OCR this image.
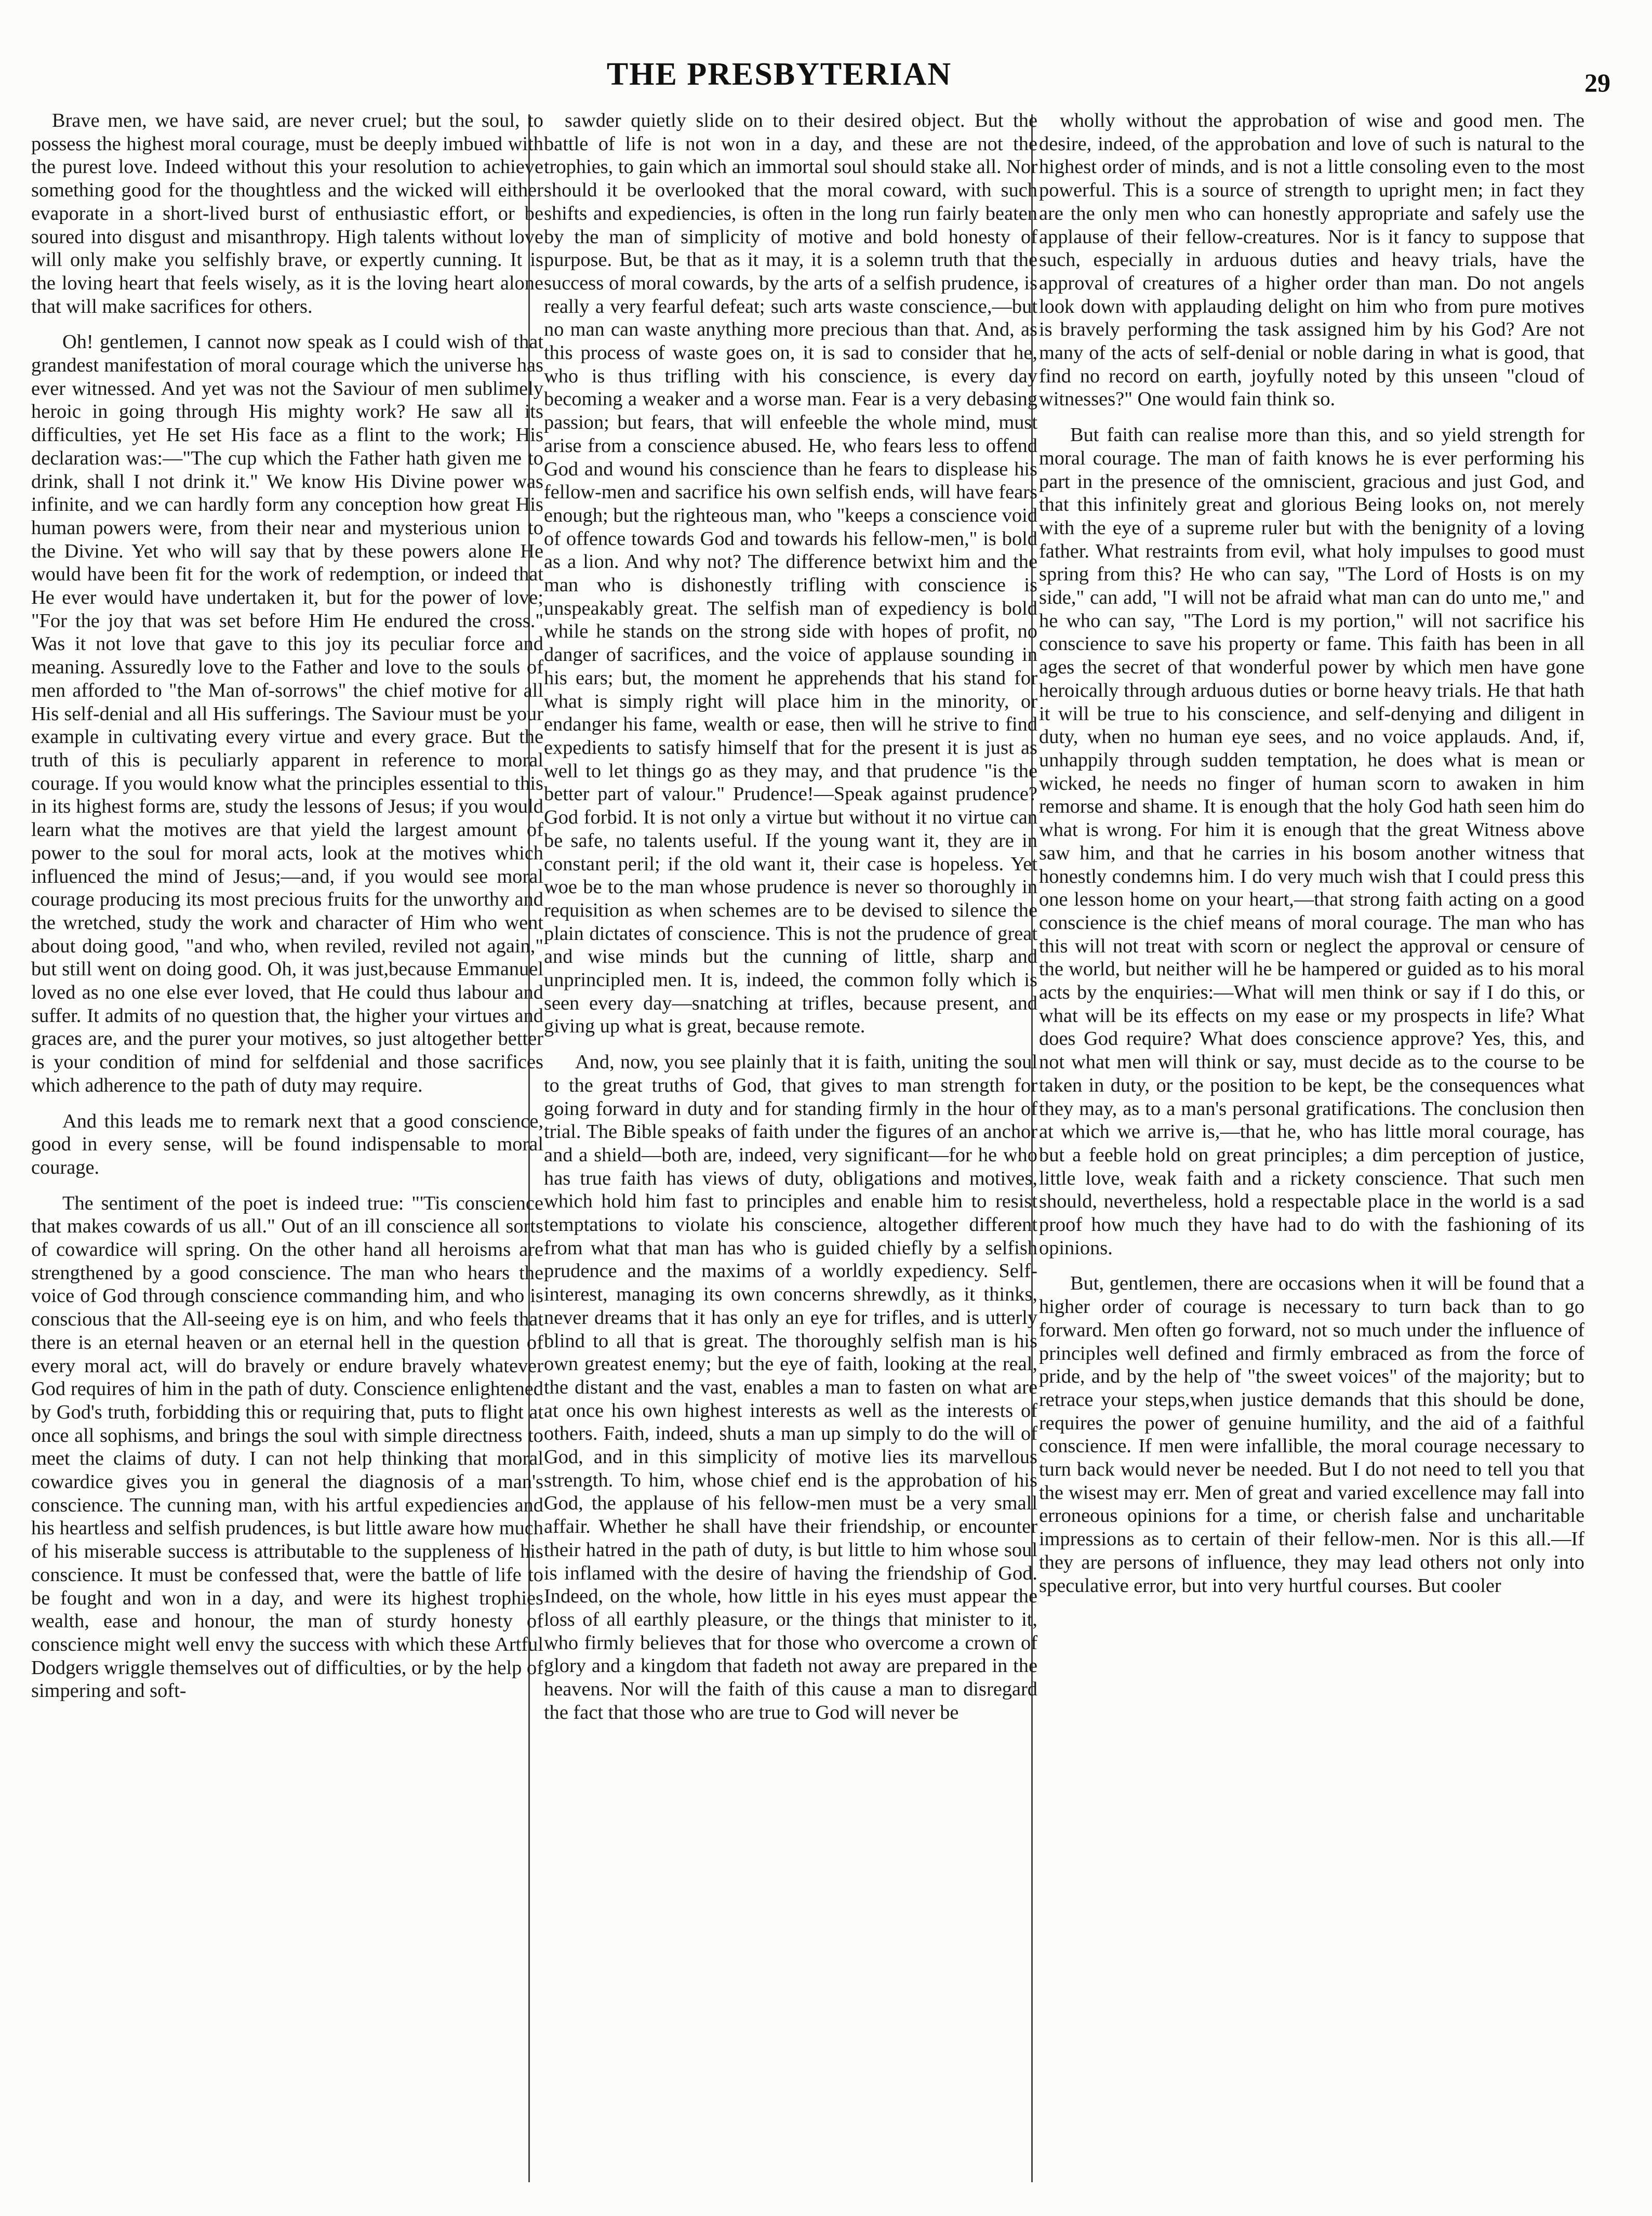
THE PRESBYTERIAN	29

Brave men, we have said, are never cruel; but the soul, to possess the highest moral courage, must be deeply imbued with the purest love. Indeed without this your resolution to achieve something good for the thoughtless and the wicked will either evaporate in a short-lived burst of enthusiastic effort, or be soured into disgust and misanthropy. High talents without love will only make you selfishly brave, or expertly cunning. It is the loving heart that feels wisely, as it is the loving heart alone that will make sacrifices for others.

Oh! gentlemen, I cannot now speak as I could wish of that grandest manifestation of moral courage which the universe has ever witnessed. And yet was not the Saviour of men sublimely heroic in going through His mighty work? He saw all its difficulties, yet He set His face as a flint to the work; His declaration was:—"The cup which the Father hath given me to drink, shall I not drink it." We know His Divine power was infinite, and we can hardly form any conception how great His human powers were, from their near and mysterious union to the Divine. Yet who will say that by these powers alone He would have been fit for the work of redemption, or indeed that He ever would have undertaken it, but for the power of love; "For the joy that was set before Him He endured the cross." Was it not love that gave to this joy its peculiar force and meaning. Assuredly love to the Father and love to the souls of men afforded to "the Man of-sorrows" the chief motive for all His self-denial and all His sufferings. The Saviour must be your example in cultivating every virtue and every grace. But the truth of this is peculiarly apparent in reference to moral courage. If you would know what the principles essential to this in its highest forms are, study the lessons of Jesus; if you would learn what the motives are that yield the largest amount of power to the soul for moral acts, look at the motives which influenced the mind of Jesus;—and, if you would see moral courage producing its most precious fruits for the unworthy and the wretched, study the work and character of Him who went about doing good, "and who, when reviled, reviled not again," but still went on doing good. Oh, it was just,because Emmanuel loved as no one else ever loved, that He could thus labour and suffer. It admits of no question that, the higher your virtues and graces are, and the purer your motives, so just altogether better is your condition of mind for selfdenial and those sacrifices which adherence to the path of duty may require.

And this leads me to remark next that a good conscience, good in every sense, will be found indispensable to moral courage.

The sentiment of the poet is indeed true: "'Tis conscience that makes cowards of us all." Out of an ill conscience all sorts of cowardice will spring. On the other hand all heroisms are strengthened by a good conscience. The man who hears the voice of God through conscience commanding him, and who is conscious that the All-seeing eye is on him, and who feels that there is an eternal heaven or an eternal hell in the question of every moral act, will do bravely or endure bravely whatever God requires of him in the path of duty. Conscience enlightened by God's truth, forbidding this or requiring that, puts to flight at once all sophisms, and brings the soul with simple directness to meet the claims of duty. I can not help thinking that moral cowardice gives you in general the diagnosis of a man's conscience. The cunning man, with his artful expediencies and his heartless and selfish prudences, is but little aware how much of his miserable success is attributable to the suppleness of his conscience. It must be confessed that, were the battle of life to be fought and won in a day, and were its highest trophies wealth, ease and honour, the man of sturdy honesty of conscience might well envy the success with which these Artful Dodgers wriggle themselves out of difficulties, or by the help of simpering and soft-

sawder quietly slide on to their desired object. But the battle of life is not won in a day, and these are not the trophies, to gain which an immortal soul should stake all. Nor should it be overlooked that the moral coward, with such shifts and expediencies, is often in the long run fairly beaten by the man of simplicity of motive and bold honesty of purpose. But, be that as it may, it is a solemn truth that the success of moral cowards, by the arts of a selfish prudence, is really a very fearful defeat; such arts waste conscience,—but no man can waste anything more precious than that. And, as this process of waste goes on, it is sad to consider that he, who is thus trifling with his conscience, is every day becoming a weaker and a worse man. Fear is a very debasing passion; but fears, that will enfeeble the whole mind, must arise from a conscience abused. He, who fears less to offend God and wound his conscience than he fears to displease his fellow-men and sacrifice his own selfish ends, will have fears enough; but the righteous man, who "keeps a conscience void of offence towards God and towards his fellow-men," is bold as a lion. And why not? The difference betwixt him and the man who is dishonestly trifling with conscience is unspeakably great. The selfish man of expediency is bold while he stands on the strong side with hopes of profit, no danger of sacrifices, and the voice of applause sounding in his ears; but, the moment he apprehends that his stand for what is simply right will place him in the minority, or endanger his fame, wealth or ease, then will he strive to find expedients to satisfy himself that for the present it is just as well to let things go as they may, and that prudence "is the better part of valour." Prudence!—Speak against prudence? God forbid. It is not only a virtue but without it no virtue can be safe, no talents useful. If the young want it, they are in constant peril; if the old want it, their case is hopeless. Yet woe be to the man whose prudence is never so thoroughly in requisition as when schemes are to be devised to silence the plain dictates of conscience. This is not the prudence of great and wise minds but the cunning of little, sharp and unprincipled men. It is, indeed, the common folly which is seen every day—snatching at trifles, because present, and giving up what is great, because remote.

And, now, you see plainly that it is faith, uniting the soul to the great truths of God, that gives to man strength for going forward in duty and for standing firmly in the hour of trial. The Bible speaks of faith under the figures of an anchor and a shield—both are, indeed, very significant—for he who has true faith has views of duty, obligations and motives, which hold him fast to principles and enable him to resist temptations to violate his conscience, altogether different from what that man has who is guided chiefly by a selfish prudence and the maxims of a worldly expediency. Self-interest, managing its own concerns shrewdly, as it thinks, never dreams that it has only an eye for trifles, and is utterly blind to all that is great. The thoroughly selfish man is his own greatest enemy; but the eye of faith, looking at the real, the distant and the vast, enables a man to fasten on what are at once his own highest interests as well as the interests of others. Faith, indeed, shuts a man up simply to do the will of God, and in this simplicity of motive lies its marvellous strength. To him, whose chief end is the approbation of his God, the applause of his fellow-men must be a very small affair. Whether he shall have their friendship, or encounter their hatred in the path of duty, is but little to him whose soul is inflamed with the desire of having the friendship of God. Indeed, on the whole, how little in his eyes must appear the loss of all earthly pleasure, or the things that minister to it, who firmly believes that for those who overcome a crown of glory and a kingdom that fadeth not away are prepared in the heavens. Nor will the faith of this cause a man to disregard the fact that those who are true to God will never be

wholly without the approbation of wise and good men. The desire, indeed, of the approbation and love of such is natural to the highest order of minds, and is not a little consoling even to the most powerful. This is a source of strength to upright men; in fact they are the only men who can honestly appropriate and safely use the applause of their fellow-creatures. Nor is it fancy to suppose that such, especially in arduous duties and heavy trials, have the approval of creatures of a higher order than man. Do not angels look down with applauding delight on him who from pure motives is bravely performing the task assigned him by his God? Are not many of the acts of self-denial or noble daring in what is good, that find no record on earth, joyfully noted by this unseen "cloud of witnesses?" One would fain think so.

But faith can realise more than this, and so yield strength for moral courage. The man of faith knows he is ever performing his part in the presence of the omniscient, gracious and just God, and that this infinitely great and glorious Being looks on, not merely with the eye of a supreme ruler but with the benignity of a loving father. What restraints from evil, what holy impulses to good must spring from this? He who can say, "The Lord of Hosts is on my side," can add, "I will not be afraid what man can do unto me," and he who can say, "The Lord is my portion," will not sacrifice his conscience to save his property or fame. This faith has been in all ages the secret of that wonderful power by which men have gone heroically through arduous duties or borne heavy trials. He that hath it will be true to his conscience, and self-denying and diligent in duty, when no human eye sees, and no voice applauds. And, if, unhappily through sudden temptation, he does what is mean or wicked, he needs no finger of human scorn to awaken in him remorse and shame. It is enough that the holy God hath seen him do what is wrong. For him it is enough that the great Witness above saw him, and that he carries in his bosom another witness that honestly condemns him. I do very much wish that I could press this one lesson home on your heart,—that strong faith acting on a good conscience is the chief means of moral courage. The man who has this will not treat with scorn or neglect the approval or censure of the world, but neither will he be hampered or guided as to his moral acts by the enquiries:—What will men think or say if I do this, or what will be its effects on my ease or my prospects in life? What does God require? What does conscience approve? Yes, this, and not what men will think or say, must decide as to the course to be taken in duty, or the position to be kept, be the consequences what they may, as to a man's personal gratifications. The conclusion then at which we arrive is,—that he, who has little moral courage, has but a feeble hold on great principles; a dim perception of justice, little love, weak faith and a rickety conscience. That such men should, nevertheless, hold a respectable place in the world is a sad proof how much they have had to do with the fashioning of its opinions.

But, gentlemen, there are occasions when it will be found that a higher order of courage is necessary to turn back than to go forward. Men often go forward, not so much under the influence of principles well defined and firmly embraced as from the force of pride, and by the help of "the sweet voices" of the majority; but to retrace your steps,when justice demands that this should be done, requires the power of genuine humility, and the aid of a faithful conscience. If men were infallible, the moral courage necessary to turn back would never be needed. But I do not need to tell you that the wisest may err. Men of great and varied excellence may fall into erroneous opinions for a time, or cherish false and uncharitable impressions as to certain of their fellow-men. Nor is this all.—If they are persons of influence, they may lead others not only into speculative error, but into very hurtful courses. But cooler
